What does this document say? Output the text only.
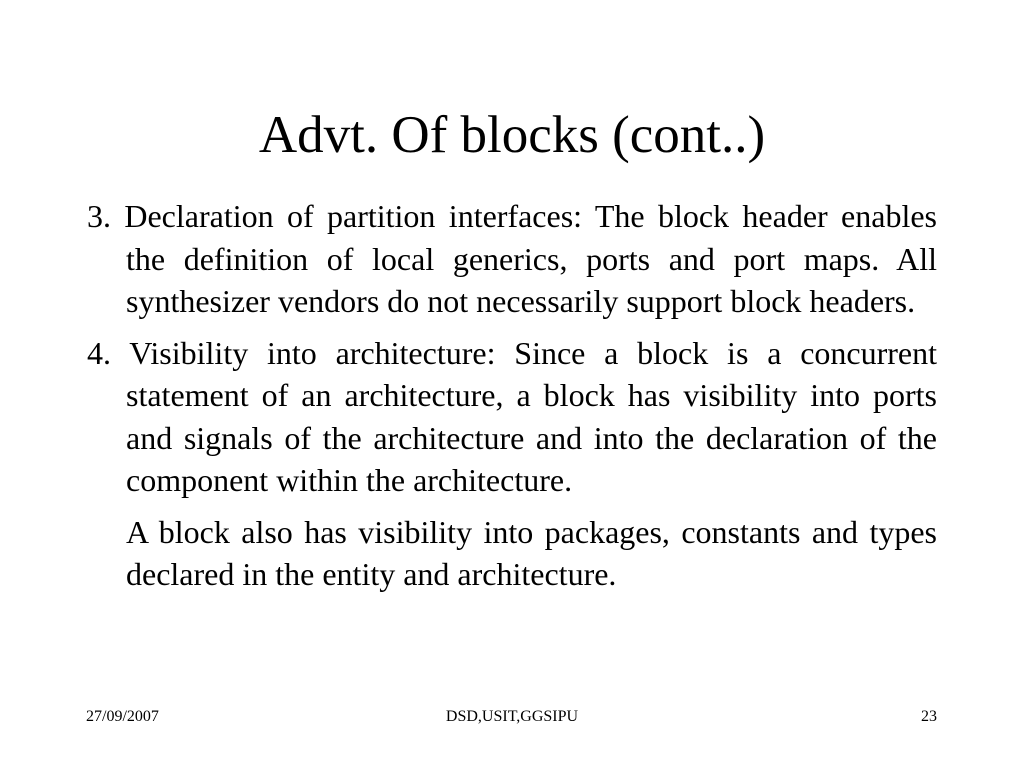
Advt. Of blocks (cont..)

3. Declaration of partition interfaces: The block header enables the definition of local generics, ports and port maps. All synthesizer vendors do not necessarily support block headers.

4. Visibility into architecture: Since a block is a concurrent statement of an architecture, a block has visibility into ports and signals of the architecture and into the declaration of the component within the architecture.

A block also has visibility into packages, constants and types declared in the entity and architecture.

27/09/2007	DSD,USIT,GGSIPU	23
